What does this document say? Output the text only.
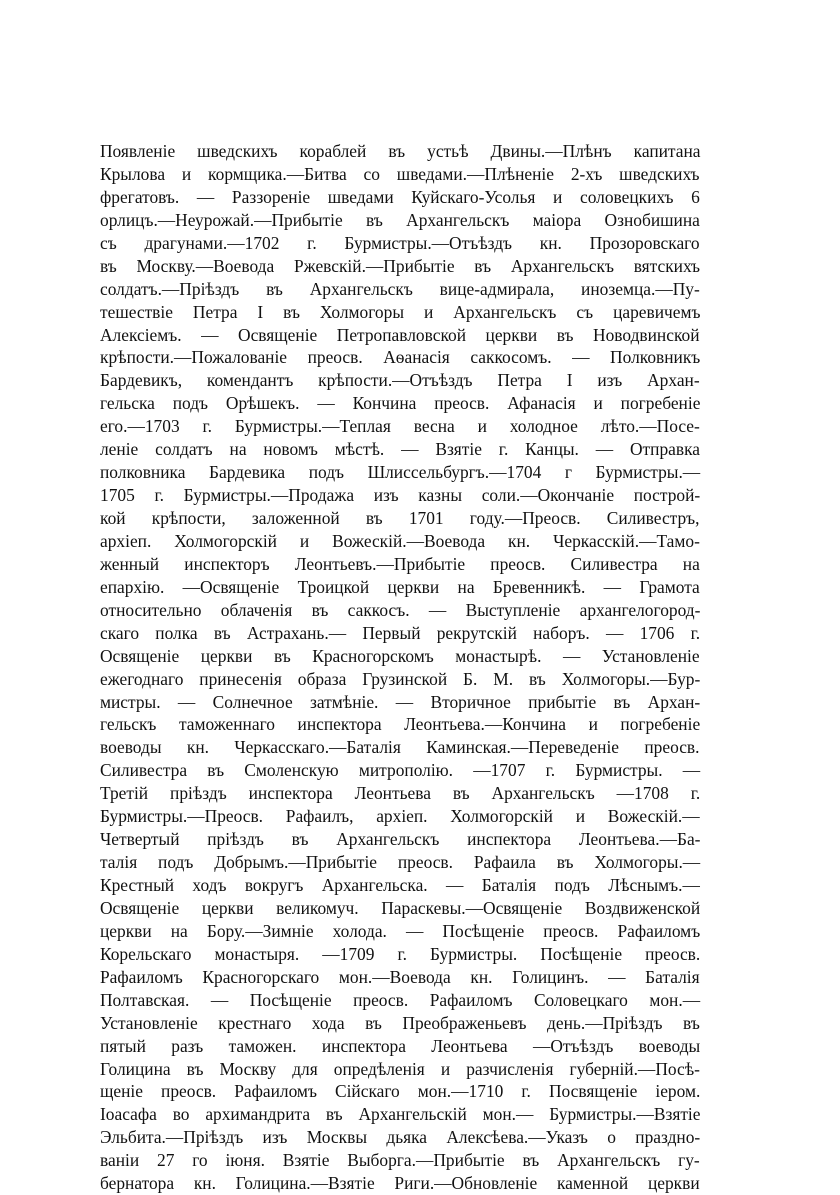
Появленіе шведскихъ кораблей въ устьѣ Двины.—Плѣнъ капитана
Крылова и кормщика.—Битва со шведами.—Плѣненіе 2-хъ шведскихъ
фрегатовъ. — Раззореніе шведами Куйскаго-Усолья и соловецкихъ 6
орлицъ.—Неурожай.—Прибытіе въ Архангельскъ маіора Ознобишина
съ драгунами.—1702 г. Бурмистры.—Отъѣздъ кн. Прозоровскаго
въ Москву.—Воевода Ржевскій.—Прибытіе въ Архангельскъ вятскихъ
солдатъ.—Пріѣздъ въ Архангельскъ вице-адмирала, иноземца.—Пу-
тешествіе Петра I въ Холмогоры и Архангельскъ съ царевичемъ
Алексіемъ. — Освященіе Петропавловской церкви въ Новодвинской
крѣпости.—Пожалованіе преосв. Аѳанасія саккосомъ. — Полковникъ
Бардевикъ, комендантъ крѣпости.—Отъѣздъ Петра I изъ Архан-
гельска подъ Орѣшекъ. — Кончина преосв. Афанасія и погребеніе
его.—1703 г. Бурмистры.—Теплая весна и холодное лѣто.—Посе-
леніе солдатъ на новомъ мѣстѣ. — Взятіе г. Канцы. — Отправка
полковника Бардевика подъ Шлиссельбургъ.—1704 г Бурмистры.—
1705 г. Бурмистры.—Продажа изъ казны соли.—Окончаніе построй-
кой крѣпости, заложенной въ 1701 году.—Преосв. Силивестръ,
архіеп. Холмогорскій и Вожескій.—Воевода кн. Черкасскій.—Тамо-
женный инспекторъ Леонтьевъ.—Прибытіе преосв. Силивестра на
епархію. —Освященіе Троицкой церкви на Бревенникѣ. — Грамота
относительно облаченія въ саккосъ. — Выступленіе архангелогород-
скаго полка въ Астрахань.— Первый рекрутскій наборъ. — 1706 г.
Освященіе церкви въ Красногорскомъ монастырѣ. — Установленіе
ежегоднаго принесенія образа Грузинской Б. М. въ Холмогоры.—Бур-
мистры. — Солнечное затмѣніе. — Вторичное прибытіе въ Архан-
гельскъ таможеннаго инспектора Леонтьева.—Кончина и погребеніе
воеводы кн. Черкасскаго.—Баталія Каминская.—Переведеніе преосв.
Силивестра въ Смоленскую митрополію. —1707 г. Бурмистры. —
Третій пріѣздъ инспектора Леонтьева въ Архангельскъ —1708 г.
Бурмистры.—Преосв. Рафаилъ, архіеп. Холмогорскій и Вожескій.—
Четвертый пріѣздъ въ Архангельскъ инспектора Леонтьева.—Ба-
талія подъ Добрымъ.—Прибытіе преосв. Рафаила въ Холмогоры.—
Крестный ходъ вокругъ Архангельска. — Баталія подъ Лѣснымъ.—
Освященіе церкви великомуч. Параскевы.—Освященіе Воздвиженской
церкви на Бору.—Зимніе холода. — Посѣщеніе преосв. Рафаиломъ
Корельскаго монастыря. —1709 г. Бурмистры. Посѣщеніе преосв.
Рафаиломъ Красногорскаго мон.—Воевода кн. Голицинъ. — Баталія
Полтавская. — Посѣщеніе преосв. Рафаиломъ Соловецкаго мон.—
Установленіе крестнаго хода въ Преображеньевъ день.—Пріѣздъ въ
пятый разъ таможен. инспектора Леонтьева —Отъѣздъ воеводы
Голицина въ Москву для опредѣленія и разчисленія губерній.—Посѣ-
щеніе преосв. Рафаиломъ Сійскаго мон.—1710 г. Посвященіе іером.
Іоасафа во архимандрита въ Архангельскій мон.— Бурмистры.—Взятіе
Эльбита.—Пріѣздъ изъ Москвы дьяка Алексѣева.—Указъ о праздно-
ваніи 27 го іюня. Взятіе Выборга.—Прибытіе въ Архангельскъ гу-
бернатора кн. Голицина.—Взятіе Риги.—Обновленіе каменной церкви
